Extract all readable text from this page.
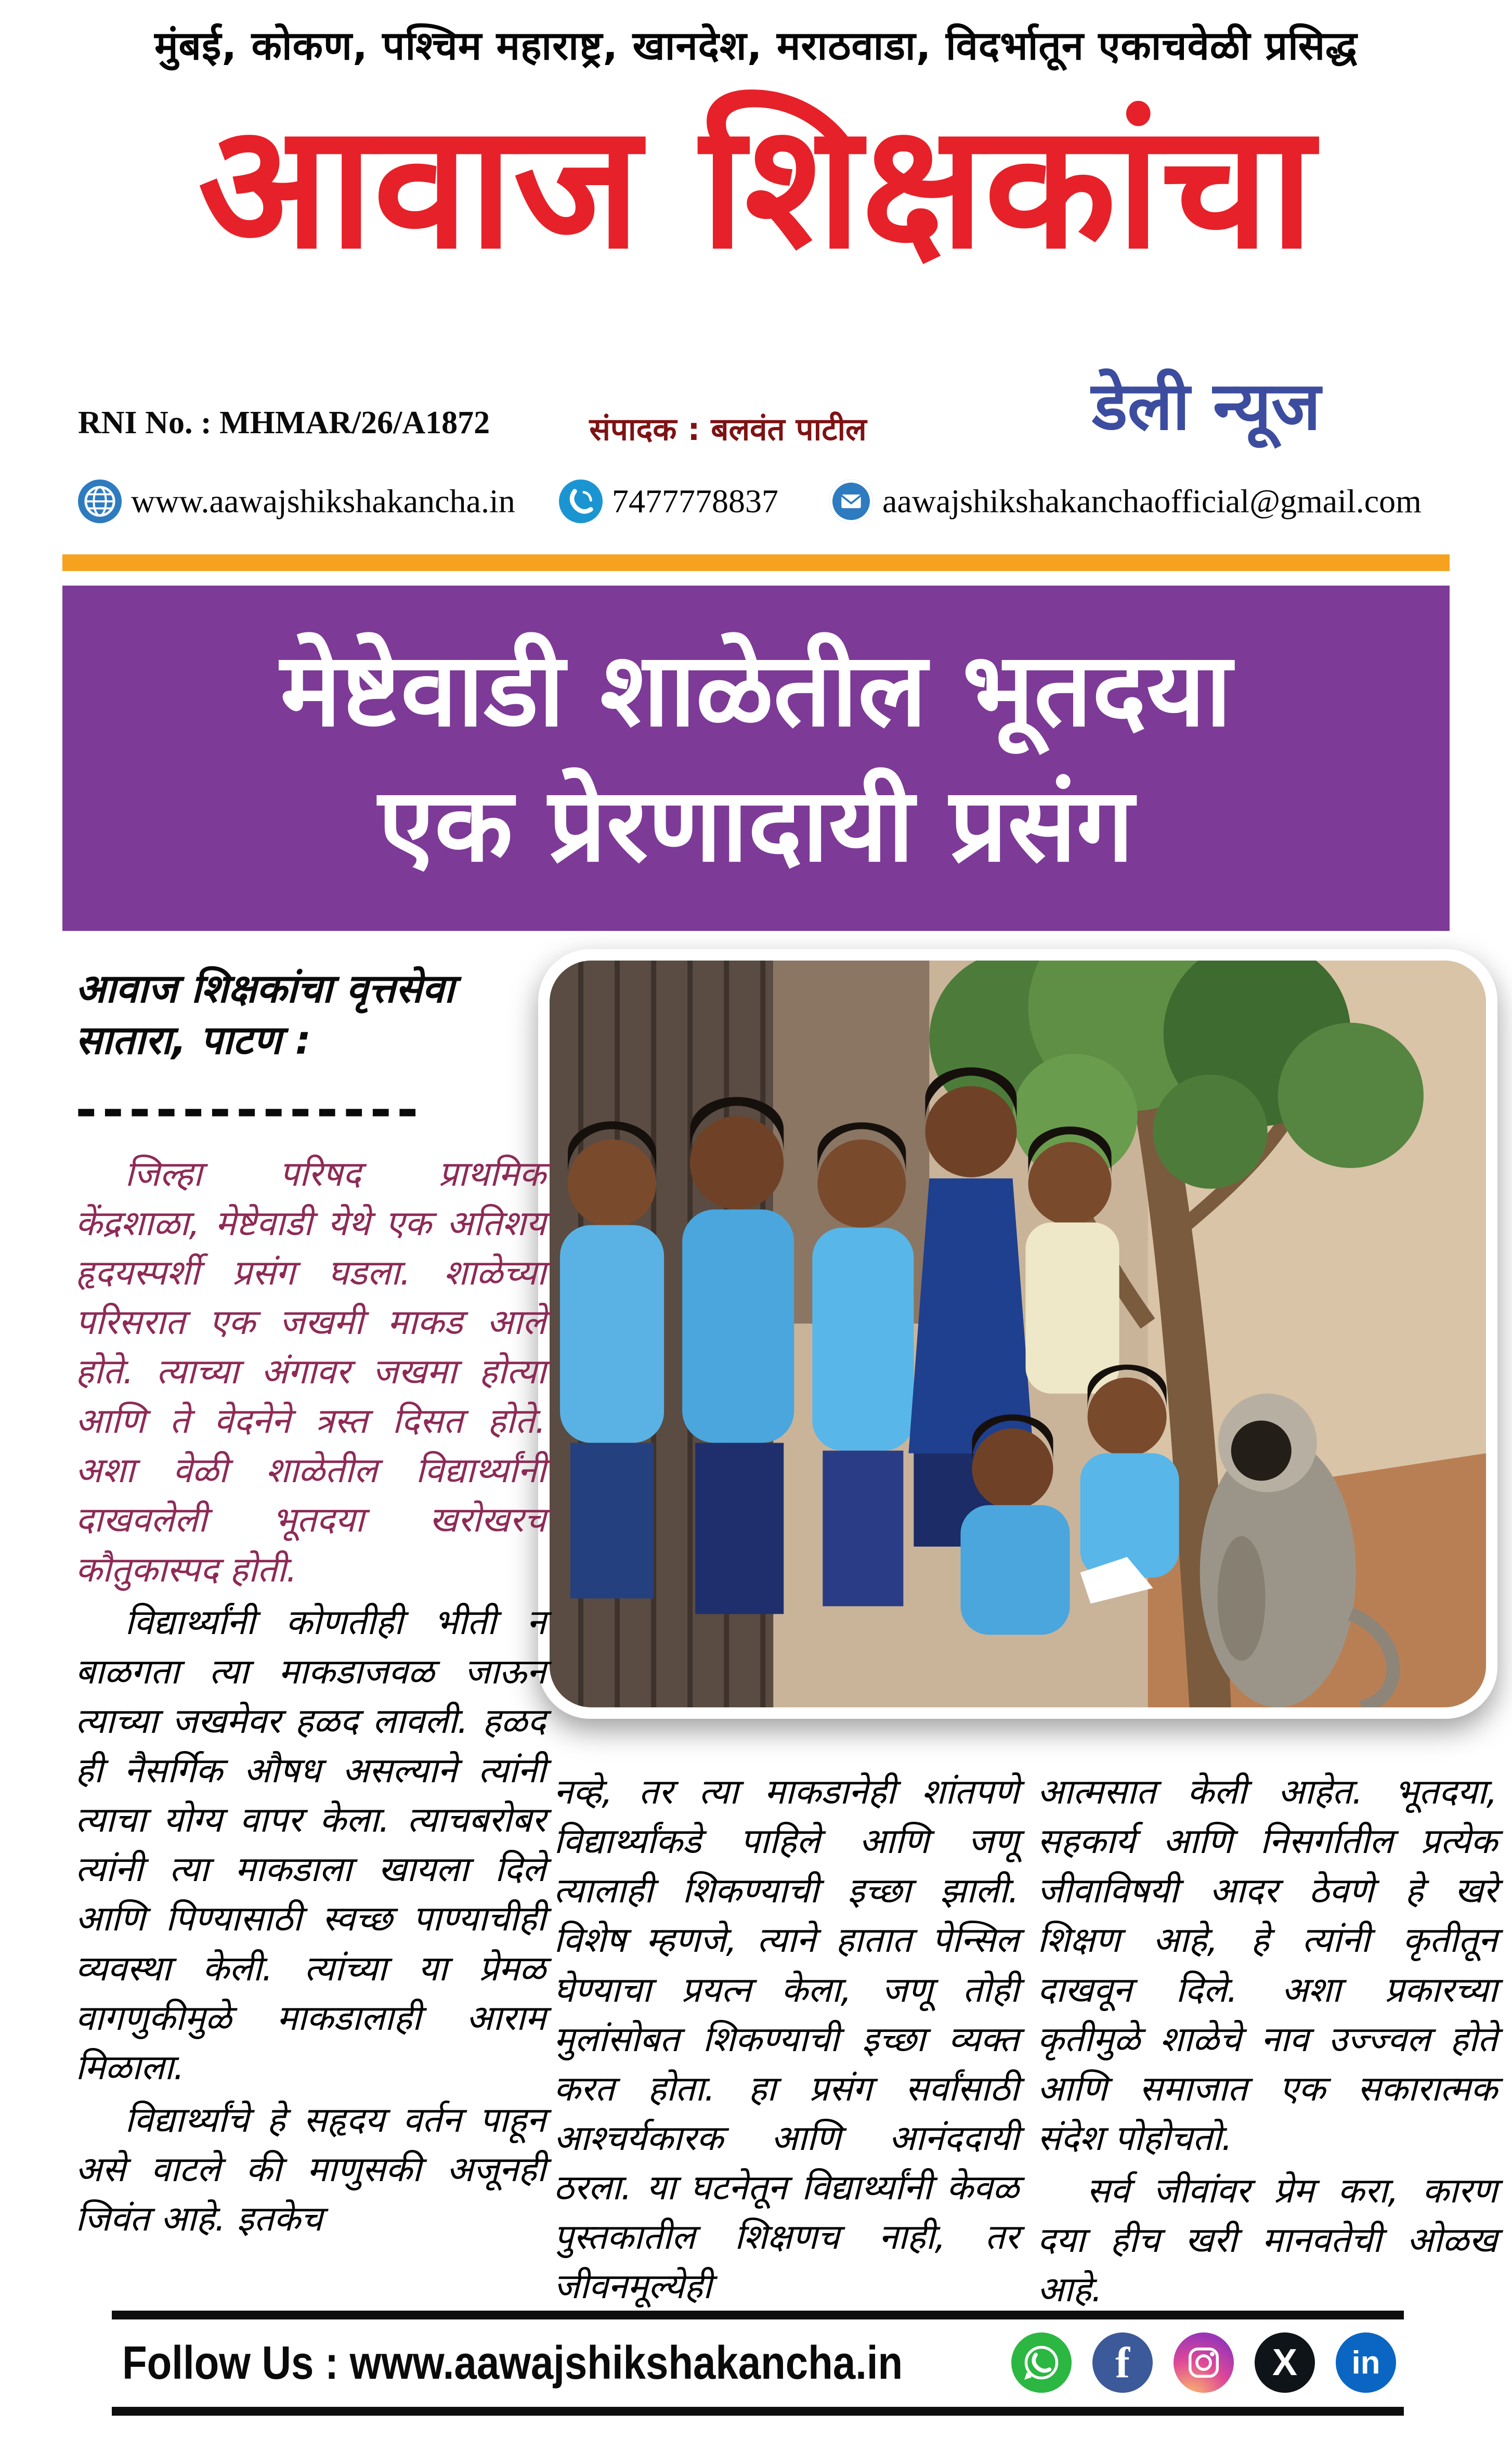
मुंबई, कोकण, पश्चिम महाराष्ट्र, खानदेश, मराठवाडा, विदर्भातून एकाचवेळी प्रसिद्ध
आवाज शिक्षकांचा
RNI No. : MHMAR/26/A1872	संपादक : बलवंत पाटील	डेली न्यूज
www.aawajshikshakancha.in	7477778837	aawajshikshakanchaofficial@gmail.com
मेष्टेवाडी शाळेतील भूतदया
एक प्रेरणादायी प्रसंग
आवाज शिक्षकांचा वृत्तसेवा
सातारा, पाटण :
-------------

जिल्हा परिषद प्राथमिक केंद्रशाळा, मेष्टेवाडी येथे एक अतिशय हृदयस्पर्शी प्रसंग घडला. शाळेच्या परिसरात एक जखमी माकड आले होते. त्याच्या अंगावर जखमा होत्या आणि ते वेदनेने त्रस्त दिसत होते. अशा वेळी शाळेतील विद्यार्थ्यांनी दाखवलेली भूतदया खरोखरच कौतुकास्पद होती.

विद्यार्थ्यांनी कोणतीही भीती न बाळगता त्या माकडाजवळ जाऊन त्याच्या जखमेवर हळद लावली. हळद ही नैसर्गिक औषध असल्याने त्यांनी त्याचा योग्य वापर केला. त्याचबरोबर त्यांनी त्या माकडाला खायला दिले आणि पिण्यासाठी स्वच्छ पाण्याचीही व्यवस्था केली. त्यांच्या या प्रेमळ वागणुकीमुळे माकडालाही आराम मिळाला.

विद्यार्थ्यांचे हे सहृदय वर्तन पाहून असे वाटले की माणुसकी अजूनही जिवंत आहे. इतकेच

नव्हे, तर त्या माकडानेही शांतपणे विद्यार्थ्यांकडे पाहिले आणि जणू त्यालाही शिकण्याची इच्छा झाली. विशेष म्हणजे, त्याने हातात पेन्सिल घेण्याचा प्रयत्न केला, जणू तोही मुलांसोबत शिकण्याची इच्छा व्यक्त करत होता. हा प्रसंग सर्वांसाठी आश्चर्यकारक आणि आनंददायी ठरला. या घटनेतून विद्यार्थ्यांनी केवळ पुस्तकातील शिक्षणच नाही, तर जीवनमूल्येही

आत्मसात केली आहेत. भूतदया, सहकार्य आणि निसर्गातील प्रत्येक जीवाविषयी आदर ठेवणे हे खरे शिक्षण आहे, हे त्यांनी कृतीतून दाखवून दिले. अशा प्रकारच्या कृतीमुळे शाळेचे नाव उज्ज्वल होते आणि समाजात एक सकारात्मक संदेश पोहोचतो.

सर्व जीवांवर प्रेम करा, कारण दया हीच खरी मानवतेची ओळख आहे.

Follow Us : www.aawajshikshakancha.in	f	X in
